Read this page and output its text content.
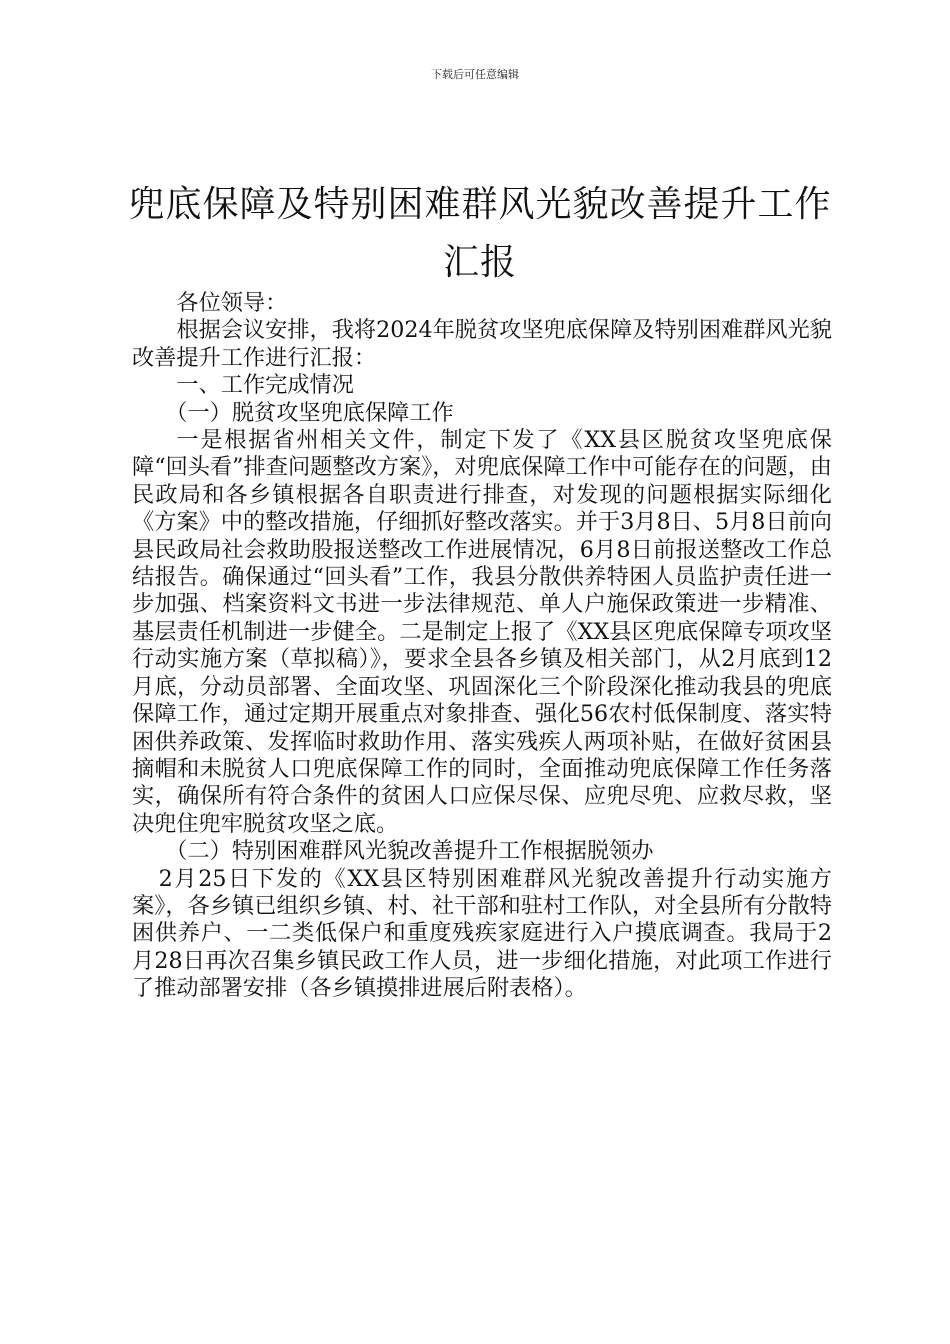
下载后可任意编辑
兜底保障及特别困难群风光貌改善提升工作汇报

各位领导：

根据会议安排，我将2024年脱贫攻坚兜底保障及特别困难群风光貌改善提升工作进行汇报：

一、工作完成情况

（一）脱贫攻坚兜底保障工作

一是根据省州相关文件，制定下发了《XX县区脱贫攻坚兜底保障“回头看”排查问题整改方案》，对兜底保障工作中可能存在的问题，由民政局和各乡镇根据各自职责进行排查，对发现的问题根据实际细化《方案》中的整改措施，仔细抓好整改落实。并于3月8日、5月8日前向县民政局社会救助股报送整改工作进展情况，6月8日前报送整改工作总结报告。确保通过“回头看”工作，我县分散供养特困人员监护责任进一步加强、档案资料文书进一步法律规范、单人户施保政策进一步精准、基层责任机制进一步健全。二是制定上报了《XX县区兜底保障专项攻坚行动实施方案（草拟稿）》，要求全县各乡镇及相关部门，从2月底到12月底，分动员部署、全面攻坚、巩固深化三个阶段深化推动我县的兜底保障工作，通过定期开展重点对象排查、强化56农村低保制度、落实特困供养政策、发挥临时救助作用、落实残疾人两项补贴，在做好贫困县摘帽和未脱贫人口兜底保障工作的同时，全面推动兜底保障工作任务落实，确保所有符合条件的贫困人口应保尽保、应兜尽兜、应救尽救，坚决兜住兜牢脱贫攻坚之底。

（二）特别困难群风光貌改善提升工作根据脱领办

2月25日下发的《XX县区特别困难群风光貌改善提升行动实施方案》，各乡镇已组织乡镇、村、社干部和驻村工作队，对全县所有分散特困供养户、一二类低保户和重度残疾家庭进行入户摸底调查。我局于2月28日再次召集乡镇民政工作人员，进一步细化措施，对此项工作进行了推动部署安排（各乡镇摸排进展后附表格）。
